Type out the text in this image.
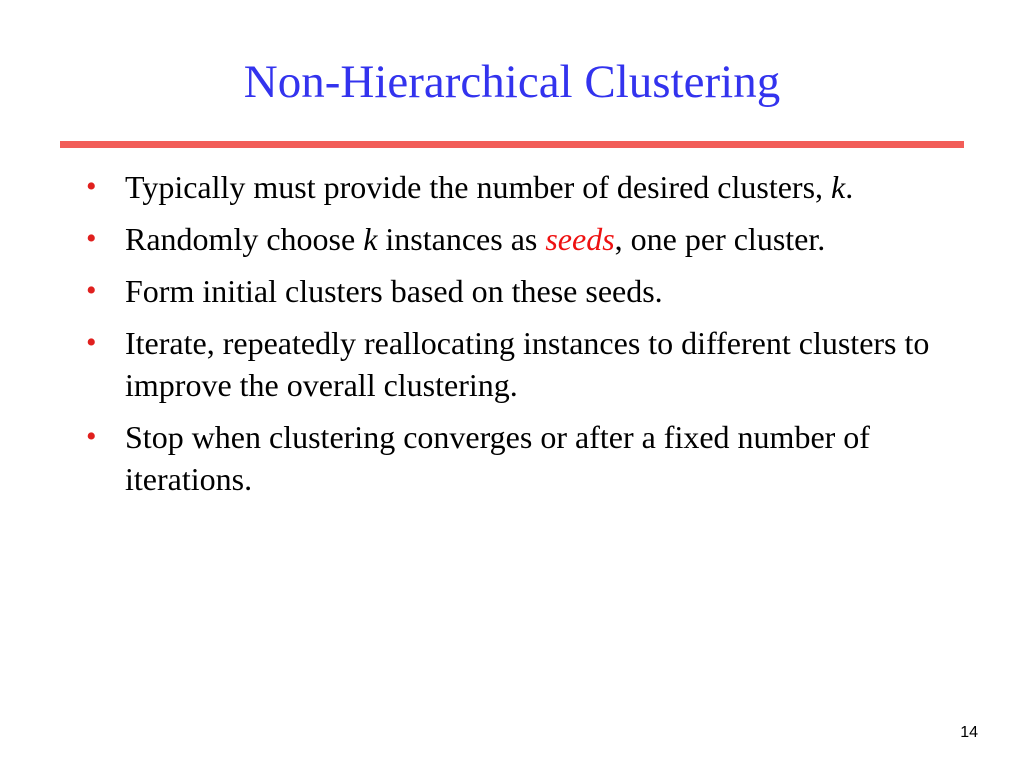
Non-Hierarchical Clustering
• Typically must provide the number of desired clusters, k.
• Randomly choose k instances as seeds, one per cluster.
• Form initial clusters based on these seeds.
• Iterate, repeatedly reallocating instances to different clusters to improve the overall clustering.
• Stop when clustering converges or after a fixed number of iterations.
14
